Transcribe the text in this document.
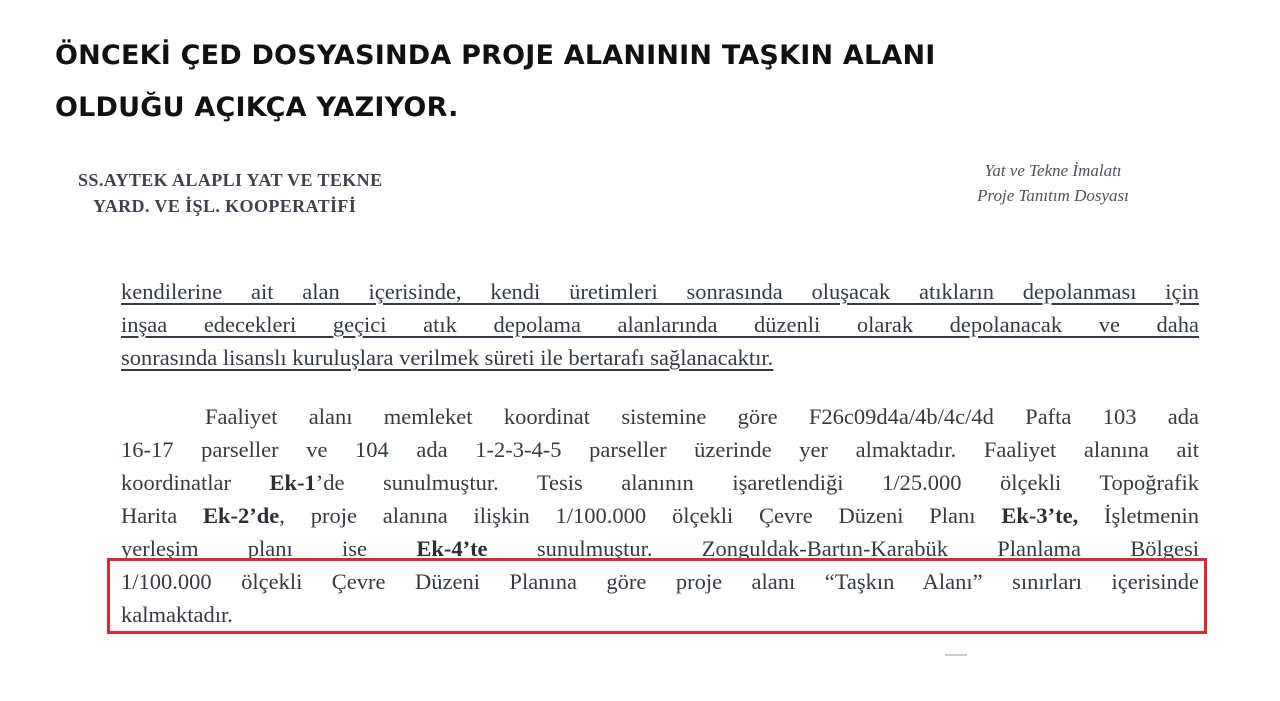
ÖNCEKİ ÇED DOSYASINDA PROJE ALANININ TAŞKIN ALANI
OLDUĞU AÇIKÇA YAZIYOR.
SS.AYTEK ALAPLI YAT VE TEKNE
YARD. VE İŞL. KOOPERATİFİ
Yat ve Tekne İmalatı
Proje Tanıtım Dosyası
kendilerine ait alan içerisinde, kendi üretimleri sonrasında oluşacak atıkların depolanması için
inşaa edecekleri geçici atık depolama alanlarında düzenli olarak depolanacak ve daha
sonrasında lisanslı kuruluşlara verilmek süreti ile bertarafı sağlanacaktır.
Faaliyet alanı memleket koordinat sistemine göre F26c09d4a/4b/4c/4d Pafta 103 ada
16-17 parseller ve 104 ada 1-2-3-4-5 parseller üzerinde yer almaktadır. Faaliyet alanına ait
koordinatlar Ek-1’de sunulmuştur. Tesis alanının işaretlendiği 1/25.000 ölçekli Topoğrafik
Harita Ek-2’de, proje alanına ilişkin 1/100.000 ölçekli Çevre Düzeni Planı Ek-3’te, İşletmenin
yerleşim planı ise Ek-4’te sunulmuştur. Zonguldak-Bartın-Karabük Planlama Bölgesi
1/100.000 ölçekli Çevre Düzeni Planına göre proje alanı “Taşkın Alanı” sınırları içerisinde
kalmaktadır.
